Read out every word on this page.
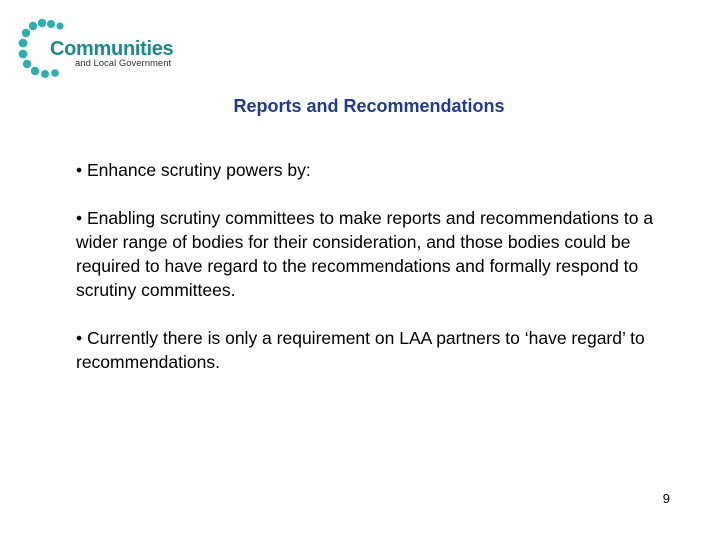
Communities
and Local Government
Reports and Recommendations

• Enhance scrutiny powers by:

• Enabling scrutiny committees to make reports and recommendations to a wider range of bodies for their consideration, and those bodies could be required to have regard to the recommendations and formally respond to scrutiny committees.

• Currently there is only a requirement on LAA partners to ‘have regard’ to recommendations.

9
